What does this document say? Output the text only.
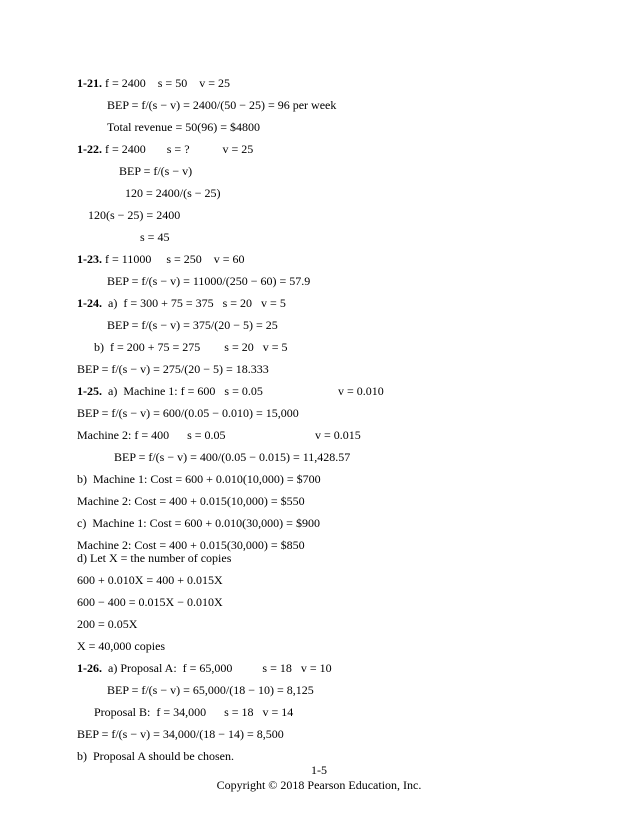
1-21. f = 2400    s = 50    v = 25
BEP = f/(s − v) = 2400/(50 − 25) = 96 per week
Total revenue = 50(96) = $4800
1-22. f = 2400       s = ?           v = 25
BEP = f/(s − v)
120 = 2400/(s − 25)
120(s − 25) = 2400
s = 45
1-23. f = 11000     s = 250    v = 60
BEP = f/(s − v) = 11000/(250 − 60) = 57.9
1-24.  a)  f = 300 + 75 = 375   s = 20   v = 5
BEP = f/(s − v) = 375/(20 − 5) = 25
b)  f = 200 + 75 = 275        s = 20   v = 5
BEP = f/(s − v) = 275/(20 − 5) = 18.333
1-25.  a)  Machine 1: f = 600   s = 0.05	v = 0.010
BEP = f/(s − v) = 600/(0.05 − 0.010) = 15,000
Machine 2: f = 400      s = 0.05	v = 0.015
BEP = f/(s − v) = 400/(0.05 − 0.015) = 11,428.57
b)  Machine 1: Cost = 600 + 0.010(10,000) = $700
Machine 2: Cost = 400 + 0.015(10,000) = $550
c)  Machine 1: Cost = 600 + 0.010(30,000) = $900
Machine 2: Cost = 400 + 0.015(30,000) = $850
d) Let X = the number of copies
600 + 0.010X = 400 + 0.015X
600 − 400 = 0.015X − 0.010X
200 = 0.05X
X = 40,000 copies
1-26.  a) Proposal A:  f = 65,000          s = 18   v = 10
BEP = f/(s − v) = 65,000/(18 − 10) = 8,125
Proposal B:  f = 34,000      s = 18   v = 14
BEP = f/(s − v) = 34,000/(18 − 14) = 8,500
b)  Proposal A should be chosen.
1-5
Copyright © 2018 Pearson Education, Inc.
